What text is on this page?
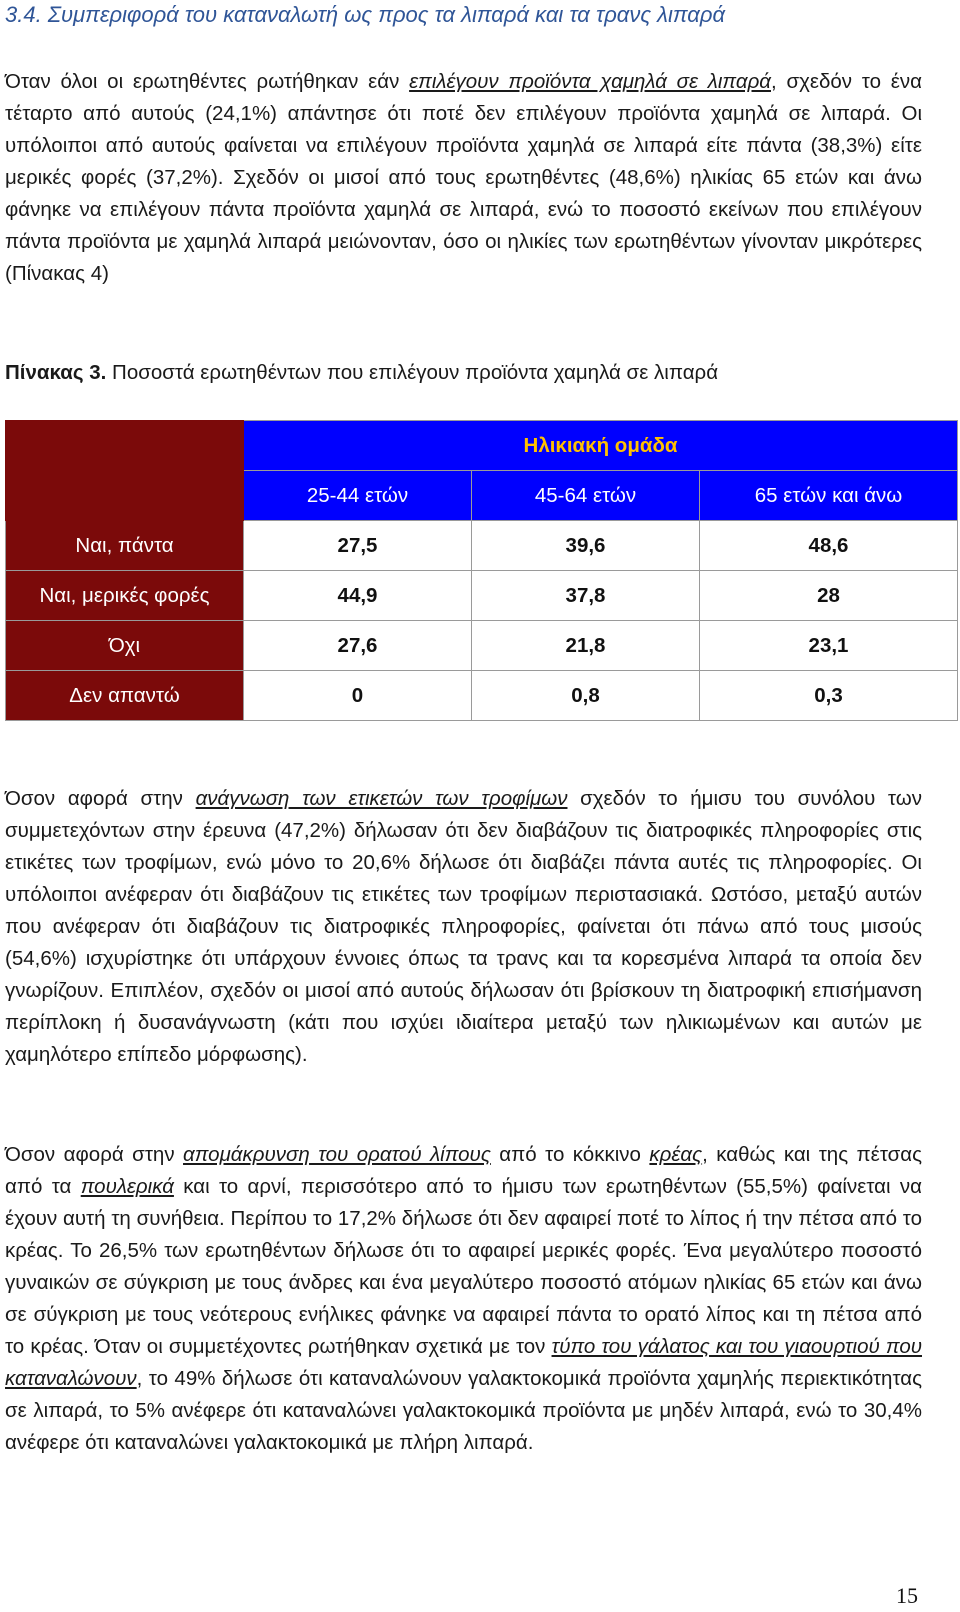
3.4. Συμπεριφορά του καταναλωτή ως προς τα λιπαρά και τα τρανς λιπαρά

Όταν όλοι οι ερωτηθέντες ρωτήθηκαν εάν επιλέγουν προϊόντα χαμηλά σε λιπαρά, σχεδόν το ένα τέταρτο από αυτούς (24,1%) απάντησε ότι ποτέ δεν επιλέγουν προϊόντα χαμηλά σε λιπαρά. Οι υπόλοιποι από αυτούς φαίνεται να επιλέγουν προϊόντα χαμηλά σε λιπαρά είτε πάντα (38,3%) είτε μερικές φορές (37,2%). Σχεδόν οι μισοί από τους ερωτηθέντες (48,6%) ηλικίας 65 ετών και άνω φάνηκε να επιλέγουν πάντα προϊόντα χαμηλά σε λιπαρά, ενώ το ποσοστό εκείνων που επιλέγουν πάντα προϊόντα με χαμηλά λιπαρά μειώνονταν, όσο οι ηλικίες των ερωτηθέντων γίνονταν μικρότερες (Πίνακας 4)

Πίνακας 3. Ποσοστά ερωτηθέντων που επιλέγουν προϊόντα χαμηλά σε λιπαρά

	Ηλικιακή ομάδα		
	25-44 ετών	45-64 ετών	65 ετών και άνω
Ναι, πάντα	27,5	39,6	48,6
Ναι, μερικές φορές	44,9	37,8	28
Όχι	27,6	21,8	23,1
Δεν απαντώ	0	0,8	0,3

Όσον αφορά στην ανάγνωση των ετικετών των τροφίμων σχεδόν το ήμισυ του συνόλου των συμμετεχόντων στην έρευνα (47,2%) δήλωσαν ότι δεν διαβάζουν τις διατροφικές πληροφορίες στις ετικέτες των τροφίμων, ενώ μόνο το 20,6% δήλωσε ότι διαβάζει πάντα αυτές τις πληροφορίες. Οι υπόλοιποι ανέφεραν ότι διαβάζουν τις ετικέτες των τροφίμων περιστασιακά. Ωστόσο, μεταξύ αυτών που ανέφεραν ότι διαβάζουν τις διατροφικές πληροφορίες, φαίνεται ότι πάνω από τους μισούς (54,6%) ισχυρίστηκε ότι υπάρχουν έννοιες όπως τα τρανς και τα κορεσμένα λιπαρά τα οποία δεν γνωρίζουν. Επιπλέον, σχεδόν οι μισοί από αυτούς δήλωσαν ότι βρίσκουν τη διατροφική επισήμανση περίπλοκη ή δυσανάγνωστη (κάτι που ισχύει ιδιαίτερα μεταξύ των ηλικιωμένων και αυτών με χαμηλότερο επίπεδο μόρφωσης).

Όσον αφορά στην απομάκρυνση του ορατού λίπους από το κόκκινο κρέας, καθώς και της πέτσας από τα πουλερικά και το αρνί, περισσότερο από το ήμισυ των ερωτηθέντων (55,5%) φαίνεται να έχουν αυτή τη συνήθεια. Περίπου το 17,2% δήλωσε ότι δεν αφαιρεί ποτέ το λίπος ή την πέτσα από το κρέας. Το 26,5% των ερωτηθέντων δήλωσε ότι το αφαιρεί μερικές φορές. Ένα μεγαλύτερο ποσοστό γυναικών σε σύγκριση με τους άνδρες και ένα μεγαλύτερο ποσοστό ατόμων ηλικίας 65 ετών και άνω σε σύγκριση με τους νεότερους ενήλικες φάνηκε να αφαιρεί πάντα το ορατό λίπος και τη πέτσα από το κρέας. Όταν οι συμμετέχοντες ρωτήθηκαν σχετικά με τον τύπο του γάλατος και του γιαουρτιού που καταναλώνουν, το 49% δήλωσε ότι καταναλώνουν γαλακτοκομικά προϊόντα χαμηλής περιεκτικότητας σε λιπαρά, το 5% ανέφερε ότι καταναλώνει γαλακτοκομικά προϊόντα με μηδέν λιπαρά, ενώ το 30,4% ανέφερε ότι καταναλώνει γαλακτοκομικά με πλήρη λιπαρά.

15
